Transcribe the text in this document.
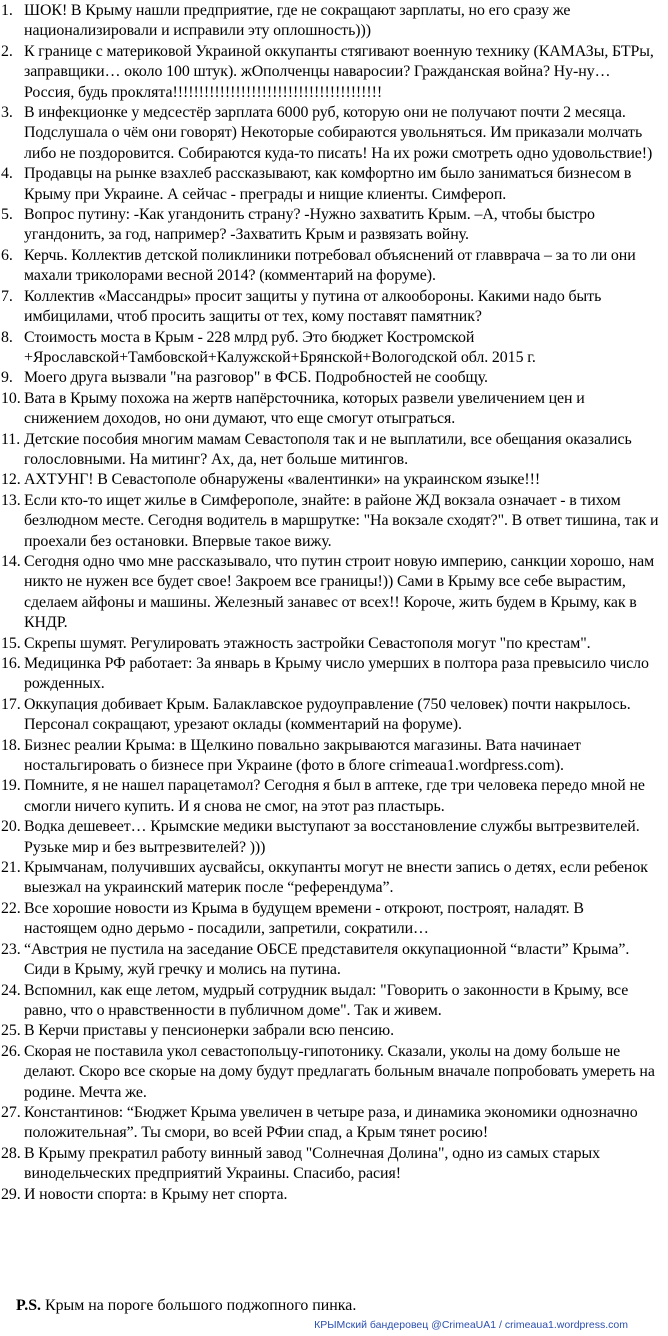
1. ШОК! В Крыму нашли предприятие, где не сокращают зарплаты, но его сразу же национализировали и исправили эту оплошность)))
2. К границе с материковой Украиной оккупанты стягивают военную технику (КАМАЗы, БТРы, заправщики… около 100 штук). жОполченцы наваросии? Гражданская война? Ну-ну… Россия, будь проклята!!!!!!!!!!!!!!!!!!!!!!!!!!!!!!!!!!!!!!!!
3. В инфекционке у медсестёр зарплата 6000 руб, которую они не получают почти 2 месяца. Подслушала о чём они говорят) Некоторые собираются увольняться. Им приказали молчать либо не поздоровится. Собираются куда-то писать! На их рожи смотреть одно удовольствие!)
4. Продавцы на рынке взахлеб рассказывают, как комфортно им было заниматься бизнесом в Крыму при Украине. А сейчас - преграды и нищие клиенты. Симфероп.
5. Вопрос путину: -Как угандонить страну? -Нужно захватить Крым. –А, чтобы быстро угандонить, за год, например? -Захватить Крым и развязать войну.
6. Керчь. Коллектив детской поликлиники потребовал объяснений от главврача – за то ли они махали триколорами весной 2014? (комментарий на форуме).
7. Коллектив «Массандры» просит защиты у путина от алкообороны. Какими надо быть имбицилами, чтоб просить защиты от тех, кому поставят памятник?
8. Стоимость моста в Крым - 228 млрд руб. Это бюджет Костромской +Ярославской+Тамбовской+Калужской+Брянской+Вологодской обл. 2015 г.
9. Моего друга вызвали "на разговор" в ФСБ. Подробностей не сообщу.
10. Вата в Крыму похожа на жертв напёрсточника, которых развели увеличением цен и снижением доходов, но они думают, что еще смогут отыграться.
11. Детские пособия многим мамам Севастополя так и не выплатили, все обещания оказались голословными. На митинг? Ах, да, нет больше митингов.
12. АХТУНГ! В Севастополе обнаружены «валентинки» на украинском языке!!!
13. Если кто-то ищет жилье в Симферополе, знайте: в районе ЖД вокзала означает - в тихом безлюдном месте. Сегодня водитель в маршрутке: "На вокзале сходят?". В ответ тишина, так и проехали без остановки. Впервые такое вижу.
14. Сегодня одно чмо мне рассказывало, что путин строит новую империю, санкции хорошо, нам никто не нужен все будет свое! Закроем все границы!)) Сами в Крыму все себе вырастим, сделаем айфоны и машины. Железный занавес от всех!! Короче, жить будем в Крыму, как в КНДР.
15. Скрепы шумят. Регулировать этажность застройки Севастополя могут "по крестам".
16. Медицинка РФ работает: За январь в Крыму число умерших в полтора раза превысило число рожденных.
17. Оккупация добивает Крым. Балаклавское рудоуправление (750 человек) почти накрылось. Персонал сокращают, урезают оклады (комментарий на форуме).
18. Бизнес реалии Крыма: в Щелкино повально закрываются магазины. Вата начинает ностальгировать о бизнесе при Украине (фото в блоге crimeaua1.wordpress.com).
19. Помните, я не нашел парацетамол? Сегодня я был в аптеке, где три человека передо мной не смогли ничего купить. И я снова не смог, на этот раз пластырь.
20. Водка дешевеет… Крымские медики выступают за восстановление службы вытрезвителей. Рузьке мир и без вытрезвителей? )))
21. Крымчанам, получивших аусвайсы, оккупанты могут не внести запись о детях, если ребенок выезжал на украинский материк после “референдума”.
22. Все хорошие новости из Крыма в будущем времени - откроют, построят, наладят. В настоящем одно дерьмо - посадили, запретили, сократили…
23. “Австрия не пустила на заседание ОБСЕ представителя оккупационной “власти” Крыма”. Сиди в Крыму, жуй гречку и молись на путина.
24. Вспомнил, как еще летом, мудрый сотрудник выдал: "Говорить о законности в Крыму, все равно, что о нравственности в публичном доме". Так и живем.
25. В Керчи приставы у пенсионерки забрали всю пенсию.
26. Скорая не поставила укол севастопольцу-гипотонику. Сказали, уколы на дому больше не делают. Скоро все скорые на дому будут предлагать больным вначале попробовать умереть на родине. Мечта же.
27. Константинов: “Бюджет Крыма увеличен в четыре раза, и динамика экономики однозначно положительная”. Ты смори, во всей РФии спад, а Крым тянет росию!
28. В Крыму прекратил работу винный завод "Солнечная Долина", одно из самых старых винодельческих предприятий Украины. Спасибо, расия!
29. И новости спорта: в Крыму нет спорта.
P.S. Крым на пороге большого поджопного пинка.
КРЫМский бандеровец @CrimeaUA1 / crimeaua1.wordpress.com
